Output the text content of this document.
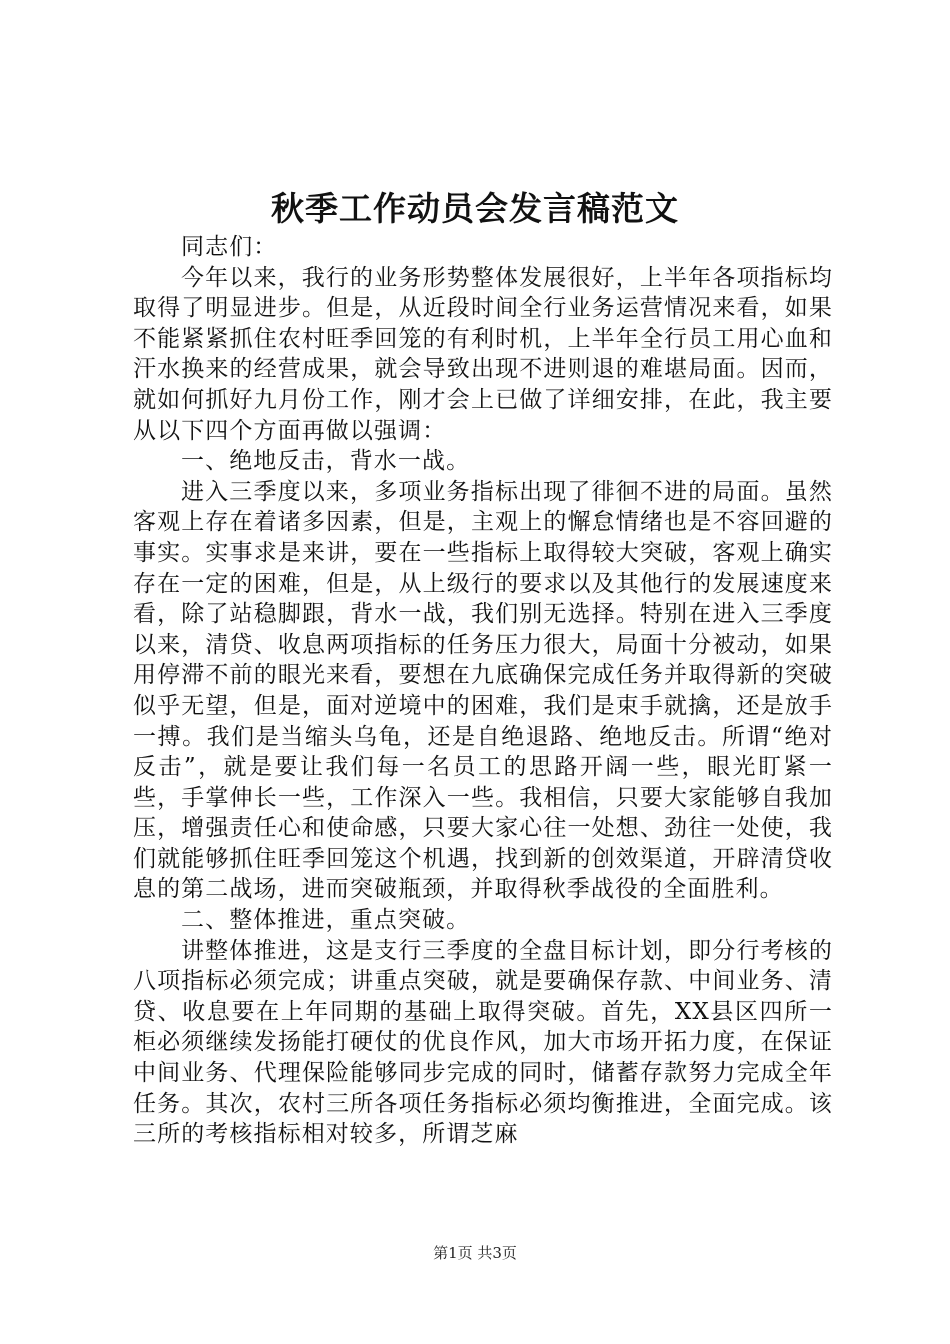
秋季工作动员会发言稿范文

同志们：

今年以来，我行的业务形势整体发展很好，上半年各项指标均取得了明显进步。但是，从近段时间全行业务运营情况来看，如果不能紧紧抓住农村旺季回笼的有利时机，上半年全行员工用心血和汗水换来的经营成果，就会导致出现不进则退的难堪局面。因而，就如何抓好九月份工作，刚才会上已做了详细安排，在此，我主要从以下四个方面再做以强调：

一、绝地反击，背水一战。

进入三季度以来，多项业务指标出现了徘徊不进的局面。虽然客观上存在着诸多因素，但是，主观上的懈怠情绪也是不容回避的事实。实事求是来讲，要在一些指标上取得较大突破，客观上确实存在一定的困难，但是，从上级行的要求以及其他行的发展速度来看，除了站稳脚跟，背水一战，我们别无选择。特别在进入三季度以来，清贷、收息两项指标的任务压力很大，局面十分被动，如果用停滞不前的眼光来看，要想在九底确保完成任务并取得新的突破似乎无望，但是，面对逆境中的困难，我们是束手就擒，还是放手一搏。我们是当缩头乌龟，还是自绝退路、绝地反击。所谓“绝对反击”，就是要让我们每一名员工的思路开阔一些，眼光盯紧一些，手掌伸长一些，工作深入一些。我相信，只要大家能够自我加压，增强责任心和使命感，只要大家心往一处想、劲往一处使，我们就能够抓住旺季回笼这个机遇，找到新的创效渠道，开辟清贷收息的第二战场，进而突破瓶颈，并取得秋季战役的全面胜利。

二、整体推进，重点突破。

讲整体推进，这是支行三季度的全盘目标计划，即分行考核的八项指标必须完成；讲重点突破，就是要确保存款、中间业务、清贷、收息要在上年同期的基础上取得突破。首先，XX县区四所一柜必须继续发扬能打硬仗的优良作风，加大市场开拓力度，在保证中间业务、代理保险能够同步完成的同时，储蓄存款努力完成全年任务。其次，农村三所各项任务指标必须均衡推进，全面完成。该三所的考核指标相对较多，所谓芝麻

第1页 共3页
